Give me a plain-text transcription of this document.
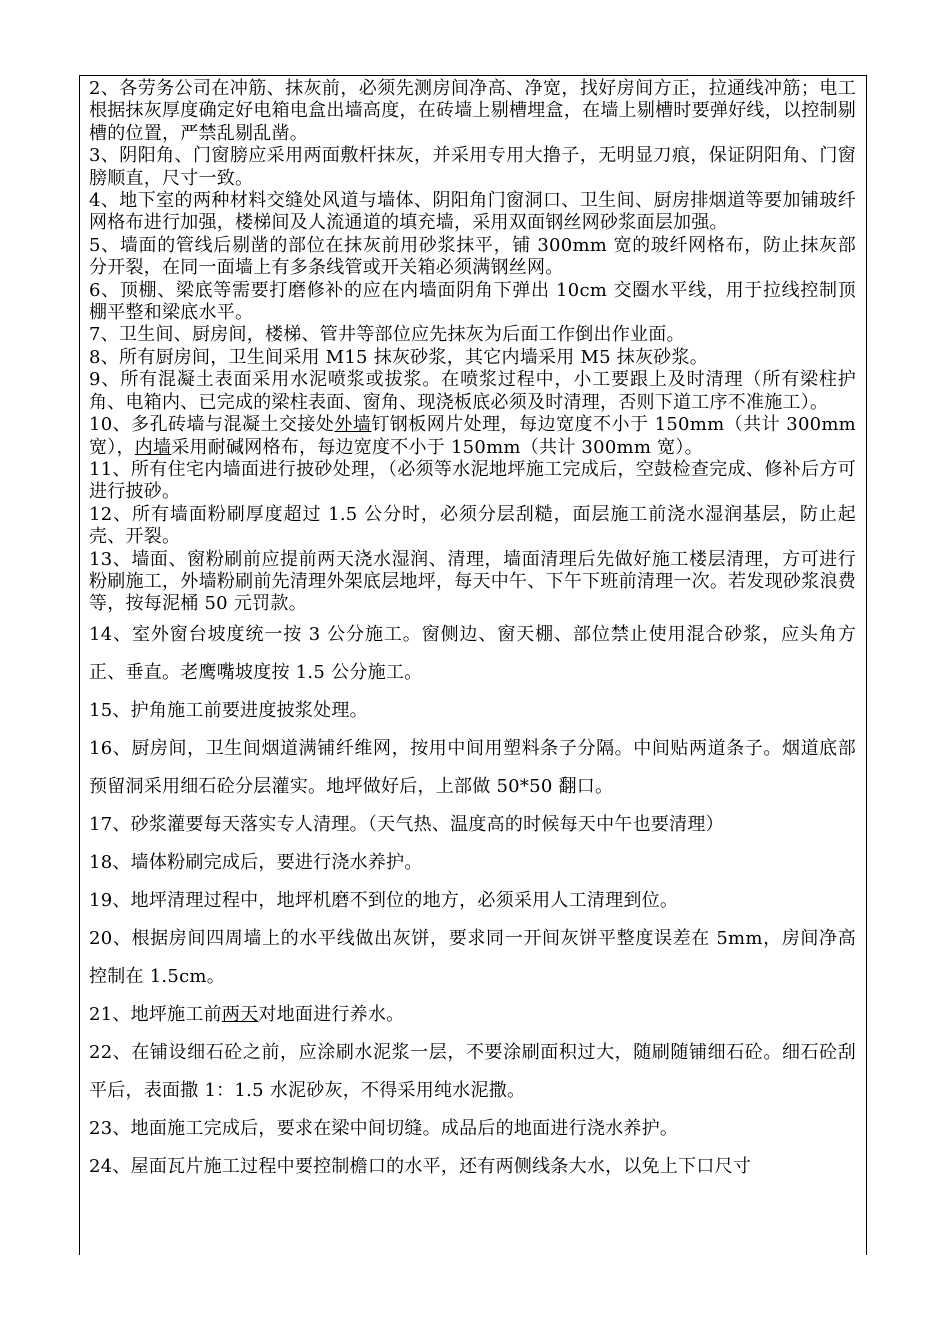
2、各劳务公司在冲筋、抹灰前，必须先测房间净高、净宽，找好房间方正，拉通线冲筋；电工根据抹灰厚度确定好电箱电盒出墙高度，在砖墙上剔槽埋盒，在墙上剔槽时要弹好线，以控制剔槽的位置，严禁乱剔乱凿。

3、阴阳角、门窗膀应采用两面敷杆抹灰，并采用专用大撸子，无明显刀痕，保证阴阳角、门窗膀顺直，尺寸一致。

4、地下室的两种材料交缝处风道与墙体、阴阳角门窗洞口、卫生间、厨房排烟道等要加铺玻纤网格布进行加强，楼梯间及人流通道的填充墙，采用双面钢丝网砂浆面层加强。

5、墙面的管线后剔凿的部位在抹灰前用砂浆抹平，铺 300mm 宽的玻纤网格布，防止抹灰部分开裂，在同一面墙上有多条线管或开关箱必须满钢丝网。

6、顶棚、梁底等需要打磨修补的应在内墙面阴角下弹出 10cm 交圈水平线，用于拉线控制顶棚平整和梁底水平。

7、卫生间、厨房间，楼梯、管井等部位应先抹灰为后面工作倒出作业面。

8、所有厨房间，卫生间采用 M15 抹灰砂浆，其它内墙采用 M5 抹灰砂浆。

9、所有混凝土表面采用水泥喷浆或拔浆。在喷浆过程中，小工要跟上及时清理（所有梁柱护角、电箱内、已完成的梁柱表面、窗角、现浇板底必须及时清理，否则下道工序不准施工）。

10、多孔砖墙与混凝土交接处外墙钉钢板网片处理，每边宽度不小于 150mm（共计 300mm 宽），内墙采用耐碱网格布，每边宽度不小于 150mm（共计 300mm 宽）。

11、所有住宅内墙面进行披砂处理，（必须等水泥地坪施工完成后，空鼓检查完成、修补后方可进行披砂。

12、所有墙面粉刷厚度超过 1.5 公分时，必须分层刮糙，面层施工前浇水湿润基层，防止起壳、开裂。

13、墙面、窗粉刷前应提前两天浇水湿润、清理，墙面清理后先做好施工楼层清理，方可进行粉刷施工，外墙粉刷前先清理外架底层地坪，每天中午、下午下班前清理一次。若发现砂浆浪费等，按每泥桶 50 元罚款。

14、室外窗台坡度统一按 3 公分施工。窗侧边、窗天棚、部位禁止使用混合砂浆，应头角方正、垂直。老鹰嘴坡度按 1.5 公分施工。

15、护角施工前要进度披浆处理。

16、厨房间，卫生间烟道满铺纤维网，按用中间用塑料条子分隔。中间贴两道条子。烟道底部预留洞采用细石砼分层灌实。地坪做好后，上部做 50*50 翻口。

17、砂浆灌要每天落实专人清理。（天气热、温度高的时候每天中午也要清理）

18、墙体粉刷完成后，要进行浇水养护。

19、地坪清理过程中，地坪机磨不到位的地方，必须采用人工清理到位。

20、根据房间四周墙上的水平线做出灰饼，要求同一开间灰饼平整度误差在 5mm，房间净高控制在 1.5cm。

21、地坪施工前两天对地面进行养水。

22、在铺设细石砼之前，应涂刷水泥浆一层，不要涂刷面积过大，随刷随铺细石砼。细石砼刮平后，表面撒 1：1.5 水泥砂灰，不得采用纯水泥撒。

23、地面施工完成后，要求在梁中间切缝。成品后的地面进行浇水养护。

24、屋面瓦片施工过程中要控制檐口的水平，还有两侧线条大水，以免上下口尺寸
